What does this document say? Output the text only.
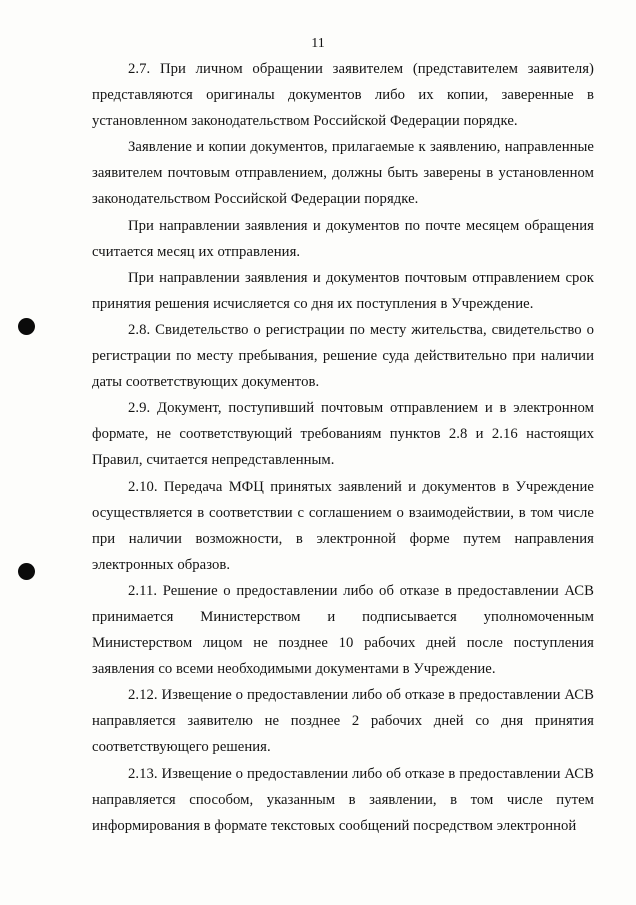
11

2.7. При личном обращении заявителем (представителем заявителя) представляются оригиналы документов либо их копии, заверенные в установленном законодательством Российской Федерации порядке.

Заявление и копии документов, прилагаемые к заявлению, направленные заявителем почтовым отправлением, должны быть заверены в установленном законодательством Российской Федерации порядке.

При направлении заявления и документов по почте месяцем обращения считается месяц их отправления.

При направлении заявления и документов почтовым отправлением срок принятия решения исчисляется со дня их поступления в Учреждение.

2.8. Свидетельство о регистрации по месту жительства, свидетельство о регистрации по месту пребывания, решение суда действительно при наличии даты соответствующих документов.

2.9. Документ, поступивший почтовым отправлением и в электронном формате, не соответствующий требованиям пунктов 2.8 и 2.16 настоящих Правил, считается непредставленным.

2.10. Передача МФЦ принятых заявлений и документов в Учреждение осуществляется в соответствии с соглашением о взаимодействии, в том числе при наличии возможности, в электронной форме путем направления электронных образов.

2.11. Решение о предоставлении либо об отказе в предоставлении АСВ принимается Министерством и подписывается уполномоченным Министерством лицом не позднее 10 рабочих дней после поступления заявления со всеми необходимыми документами в Учреждение.

2.12. Извещение о предоставлении либо об отказе в предоставлении АСВ направляется заявителю не позднее 2 рабочих дней со дня принятия соответствующего решения.

2.13. Извещение о предоставлении либо об отказе в предоставлении АСВ направляется способом, указанным в заявлении, в том числе путем информирования в формате текстовых сообщений посредством электронной
